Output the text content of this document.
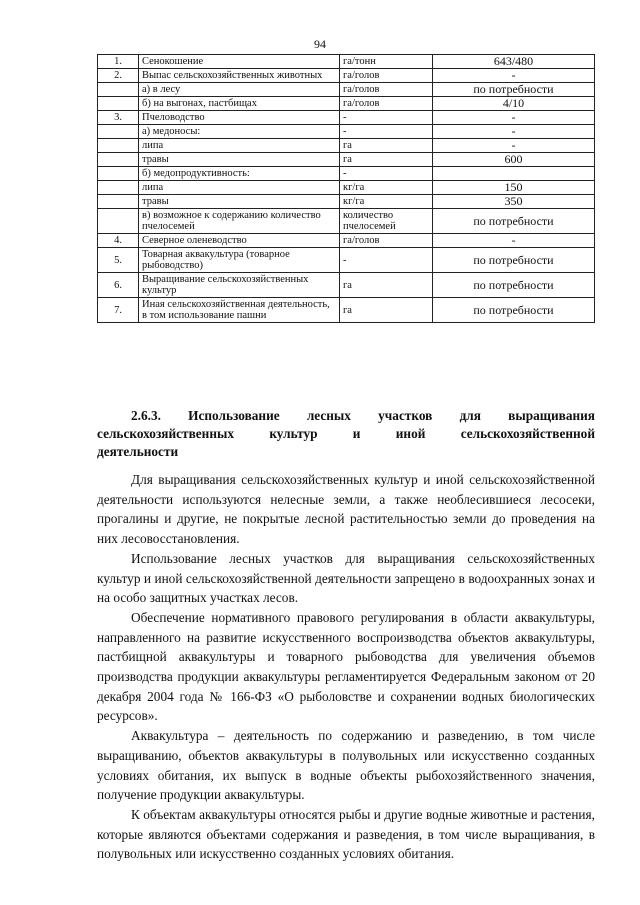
94
1.	Сенокошение	га/тонн	643/480
2.	Выпас сельскохозяйственных животных	га/голов	-
	а) в лесу	га/голов	по потребности
	б) на выгонах, пастбищах	га/голов	4/10
3.	Пчеловодство	-	-
	а) медоносы:	-	-
	липа	га	-
	травы	га	600
	б) медопродуктивность:	-	
	липа	кг/га	150
	травы	кг/га	350
	в) возможное к содержанию количество пчелосемей	количество пчелосемей	по потребности
4.	Северное оленеводство	га/голов	-
5.	Товарная аквакультура (товарное рыбоводство)	-	по потребности
6.	Выращивание сельскохозяйственных культур	га	по потребности
7.	Иная сельскохозяйственная деятельность, в том использование пашни	га	по потребности
2.6.3. Использование лесных участков для выращивания
сельскохозяйственных культур и иной сельскохозяйственной
деятельности

Для выращивания сельскохозяйственных культур и иной сельскохозяйственной деятельности используются нелесные земли, а также необлесившиеся лесосеки, прогалины и другие, не покрытые лесной растительностью земли до проведения на них лесовосстановления.

Использование лесных участков для выращивания сельскохозяйственных культур и иной сельскохозяйственной деятельности запрещено в водоохранных зонах и на особо защитных участках лесов.

Обеспечение нормативного правового регулирования в области аквакультуры, направленного на развитие искусственного воспроизводства объектов аквакультуры, пастбищной аквакультуры и товарного рыбоводства для увеличения объемов производства продукции аквакультуры регламентируется Федеральным законом от 20 декабря 2004 года № 166-ФЗ «О рыболовстве и сохранении водных биологических ресурсов».

Аквакультура – деятельность по содержанию и разведению, в том числе выращиванию, объектов аквакультуры в полувольных или искусственно созданных условиях обитания, их выпуск в водные объекты рыбохозяйственного значения, получение продукции аквакультуры.

К объектам аквакультуры относятся рыбы и другие водные животные и растения, которые являются объектами содержания и разведения, в том числе выращивания, в полувольных или искусственно созданных условиях обитания.
